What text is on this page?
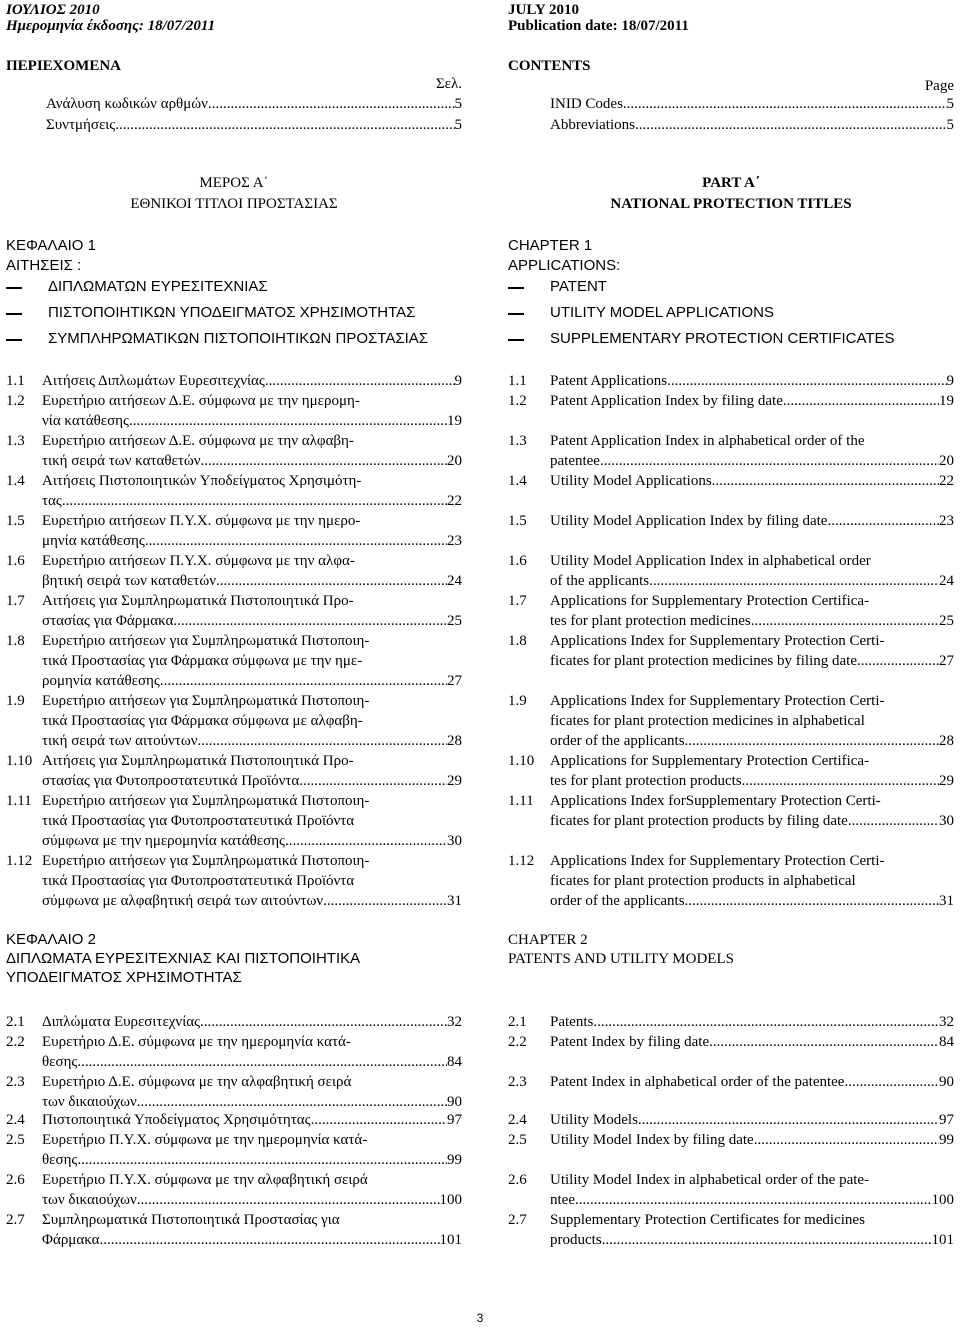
ΙΟΥΛΙΟΣ 2010
Ημερομηνία έκδοσης: 18/07/2011
ΠΕΡΙΕΧΟΜΕΝΑ
Σελ.
Ανάλυση κωδικών αρθμών .....	5
Συντμήσεις .....	5
ΜΕΡΟΣ Α΄
ΕΘΝΙΚΟΙ ΤΙΤΛΟΙ ΠΡΟΣΤΑΣΙΑΣ
ΚΕΦΑΛΑΙΟ 1
ΑΙΤΗΣΕΙΣ :
ΔΙΠΛΩΜΑΤΩΝ ΕΥΡΕΣΙΤΕΧΝΙΑΣ
ΠΙΣΤΟΠΟΙΗΤΙΚΩΝ ΥΠΟΔΕΙΓΜΑΤΟΣ ΧΡΗΣΙΜΟΤΗΤΑΣ
ΣΥΜΠΛΗΡΩΜΑΤΙΚΩΝ ΠΙΣΤΟΠΟΙΗΤΙΚΩΝ ΠΡΟΣΤΑΣΙΑΣ
1.1 Αιτήσεις Διπλωμάτων Ευρεσιτεχνίας .....	9
1.2 Ευρετήριο αιτήσεων Δ.Ε. σύμφωνα με την ημερομη-
νία κατάθεσης .....	19
1.3 Ευρετήριο αιτήσεων Δ.Ε. σύμφωνα με την αλφαβη-
τική σειρά των καταθετών .....	20
1.4 Αιτήσεις Πιστοποιητικών Υποδείγματος Χρησιμότη-
τας .....	22
1.5 Ευρετήριο αιτήσεων Π.Υ.Χ. σύμφωνα με την ημερο-
μηνία κατάθεσης .....	23
1.6 Ευρετήριο αιτήσεων Π.Υ.Χ. σύμφωνα με την αλφα-
βητική σειρά των καταθετών .....	24
1.7 Αιτήσεις για Συμπληρωματικά Πιστοποιητικά Προ-
στασίας για Φάρμακα .....	25
1.8 Ευρετήριο αιτήσεων για Συμπληρωματικά Πιστοποιη-
τικά Προστασίας για Φάρμακα σύμφωνα με την ημε-
ρομηνία κατάθεσης .....	27
1.9 Ευρετήριο αιτήσεων για Συμπληρωματικά Πιστοποιη-
τικά Προστασίας για Φάρμακα σύμφωνα με αλφαβη-
τική σειρά των αιτούντων .....	28
1.10 Αιτήσεις για Συμπληρωματικά Πιστοποιητικά Προ-
στασίας για Φυτοπροστατευτικά Προϊόντα .....	29
1.11 Ευρετήριο αιτήσεων για Συμπληρωματικά Πιστοποιη-
τικά Προστασίας για Φυτοπροστατευτικά Προϊόντα
σύμφωνα με την ημερομηνία κατάθεσης .....	30
1.12 Ευρετήριο αιτήσεων για Συμπληρωματικά Πιστοποιη-
τικά Προστασίας για Φυτοπροστατευτικά Προϊόντα
σύμφωνα με αλφαβητική σειρά των αιτούντων .....	31
ΚΕΦΑΛΑΙΟ 2
ΔΙΠΛΩΜΑΤΑ ΕΥΡΕΣΙΤΕΧΝΙΑΣ ΚΑΙ ΠΙΣΤΟΠΟΙΗΤΙΚΑ
ΥΠΟΔΕΙΓΜΑΤΟΣ ΧΡΗΣΙΜΟΤΗΤΑΣ
2.1 Διπλώματα Ευρεσιτεχνίας .....	32
2.2 Ευρετήριο Δ.Ε. σύμφωνα με την ημερομηνία κατά-
θεσης .....	84
2.3 Ευρετήριο Δ.Ε. σύμφωνα με την αλφαβητική σειρά
των δικαιούχων .....	90
2.4 Πιστοποιητικά Υποδείγματος Χρησιμότητας .....	97
2.5 Ευρετήριο Π.Υ.Χ. σύμφωνα με την ημερομηνία κατά-
θεσης .....	99
2.6 Ευρετήριο Π.Υ.Χ. σύμφωνα με την αλφαβητική σειρά
των δικαιούχων .....	100
2.7 Συμπληρωματικά Πιστοποιητικά Προστασίας για
Φάρμακα .....	101
JULY 2010
Publication date: 18/07/2011
CONTENTS
Page
INID Codes .....	5
Abbreviations .....	5
PART A΄
NATIONAL PROTECTION TITLES
CHAPTER 1
APPLICATIONS:
PATENT
UTILITY MODEL APPLICATIONS
SUPPLEMENTARY PROTECTION CERTIFICATES
1.1 Patent Applications .....	9
1.2 Patent Application Index by filing date .....	19
1.3 Patent Application Index in alphabetical order of the
patentee .....	20
1.4 Utility Model Applications .....	22
1.5 Utility Model Application Index by filing date .....	23
1.6 Utility Model Application Index in alphabetical order
of the applicants .....	24
1.7 Applications for Supplementary Protection Certifica-
tes for plant protection medicines .....	25
1.8 Applications Index for Supplementary Protection Certi-
ficates for plant protection medicines by filing date .....	27
1.9 Applications Index for Supplementary Protection Certi-
ficates for plant protection medicines in alphabetical
order of the applicants .....	28
1.10 Applications for Supplementary Protection Certifica-
tes for plant protection products .....	29
1.11 Applications Index forSupplementary Protection Certi-
ficates for plant protection products by filing date .....	30
1.12 Applications Index for Supplementary Protection Certi-
ficates for plant protection products in alphabetical
order of the applicants .....	31
CHAPTER 2
PATENTS AND UTILITY MODELS
2.1 Patents .....	32
2.2 Patent Index by filing date .....	84
2.3 Patent Index in alphabetical order of the patentee .....	90
2.4 Utility Models .....	97
2.5 Utility Model Index by filing date .....	99
2.6 Utility Model Index in alphabetical order of the pate-
ntee .....	100
2.7 Supplementary Protection Certificates for medicines
products .....	101
3
